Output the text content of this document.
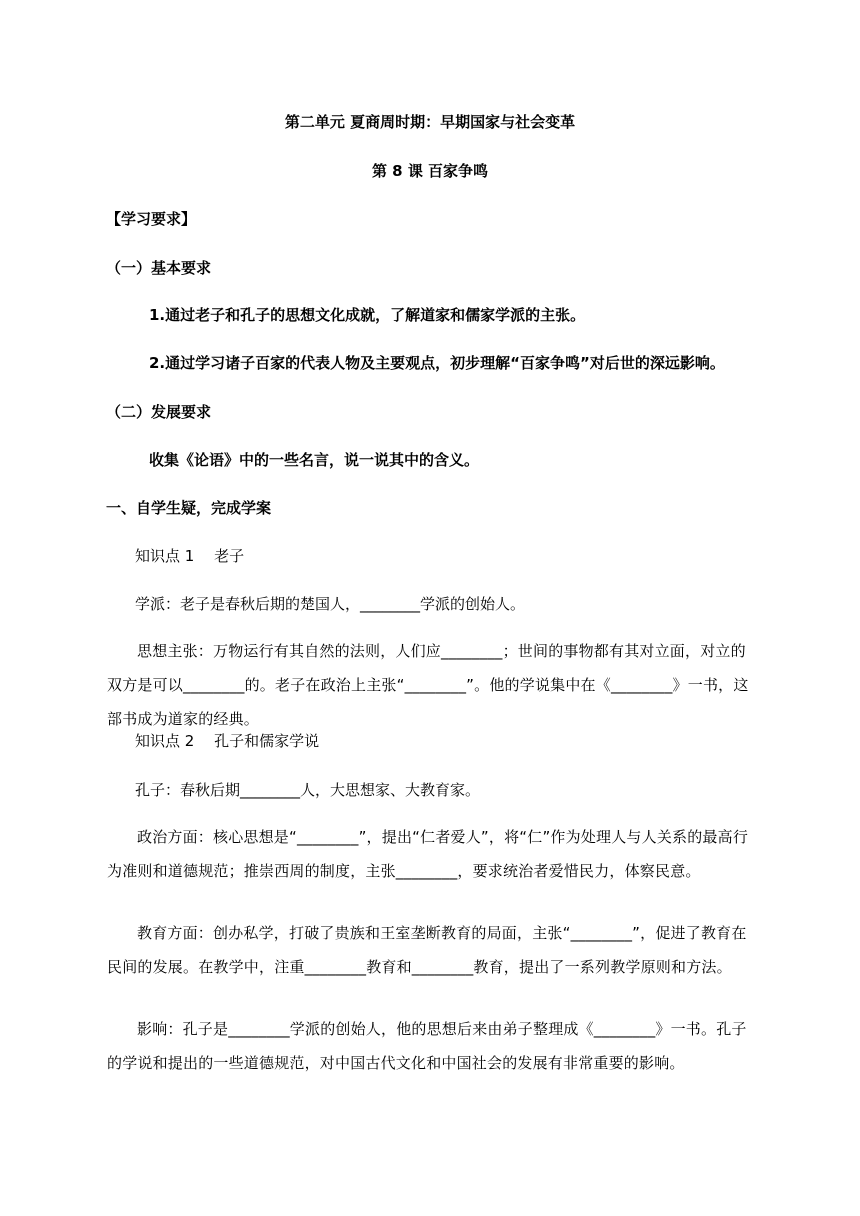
第二单元 夏商周时期：早期国家与社会变革
第 8 课 百家争鸣
【学习要求】
（一）基本要求
1.通过老子和孔子的思想文化成就，了解道家和儒家学派的主张。
2.通过学习诸子百家的代表人物及主要观点，初步理解“百家争鸣”对后世的深远影响。
（二）发展要求
收集《论语》中的一些名言，说一说其中的含义。
一、自学生疑，完成学案
知识点 1　 老子
学派：老子是春秋后期的楚国人，________学派的创始人。
思想主张：万物运行有其自然的法则，人们应________；世间的事物都有其对立面，对立的双方是可以________的。老子在政治上主张“________”。他的学说集中在《________》一书，这部书成为道家的经典。
知识点 2　 孔子和儒家学说
孔子：春秋后期________人，大思想家、大教育家。
政治方面：核心思想是“________”，提出“仁者爱人”，将“仁”作为处理人与人关系的最高行为准则和道德规范；推崇西周的制度，主张________，要求统治者爱惜民力，体察民意。
教育方面：创办私学，打破了贵族和王室垄断教育的局面，主张“________”，促进了教育在民间的发展。在教学中，注重________教育和________教育，提出了一系列教学原则和方法。
影响：孔子是________学派的创始人，他的思想后来由弟子整理成《________》一书。孔子的学说和提出的一些道德规范，对中国古代文化和中国社会的发展有非常重要的影响。
